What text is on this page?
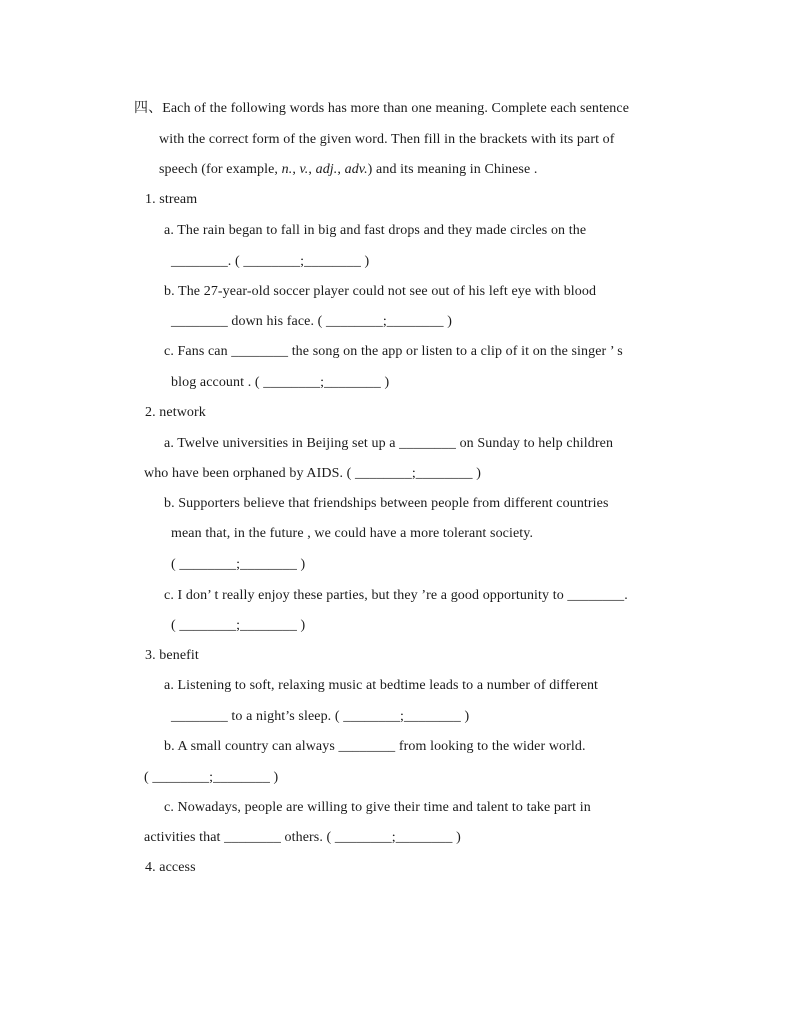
四、Each of the following words has more than one meaning. Complete each sentence
with the correct form of the given word. Then fill in the brackets with its part of
speech (for example, n., v., adj., adv.) and its meaning in Chinese .
1. stream
a. The rain began to fall in big and fast drops and they made circles on the
________. ( ________;________ )
b. The 27-year-old soccer player could not see out of his left eye with blood
________ down his face. ( ________;________ )
c. Fans can ________ the song on the app or listen to a clip of it on the singer ’ s
blog account . ( ________;________ )
2. network
a. Twelve universities in Beijing set up a ________ on Sunday to help children
who have been orphaned by AIDS. ( ________;________ )
b. Supporters believe that friendships between people from different countries
mean that, in the future , we could have a more tolerant society.
( ________;________ )
c. I don’ t really enjoy these parties, but they ’re a good opportunity to ________.
( ________;________ )
3. benefit
a. Listening to soft, relaxing music at bedtime leads to a number of different
________ to a night’s sleep. ( ________;________ )
b. A small country can always ________ from looking to the wider world.
( ________;________ )
c. Nowadays, people are willing to give their time and talent to take part in
activities that ________ others. ( ________;________ )
4. access
